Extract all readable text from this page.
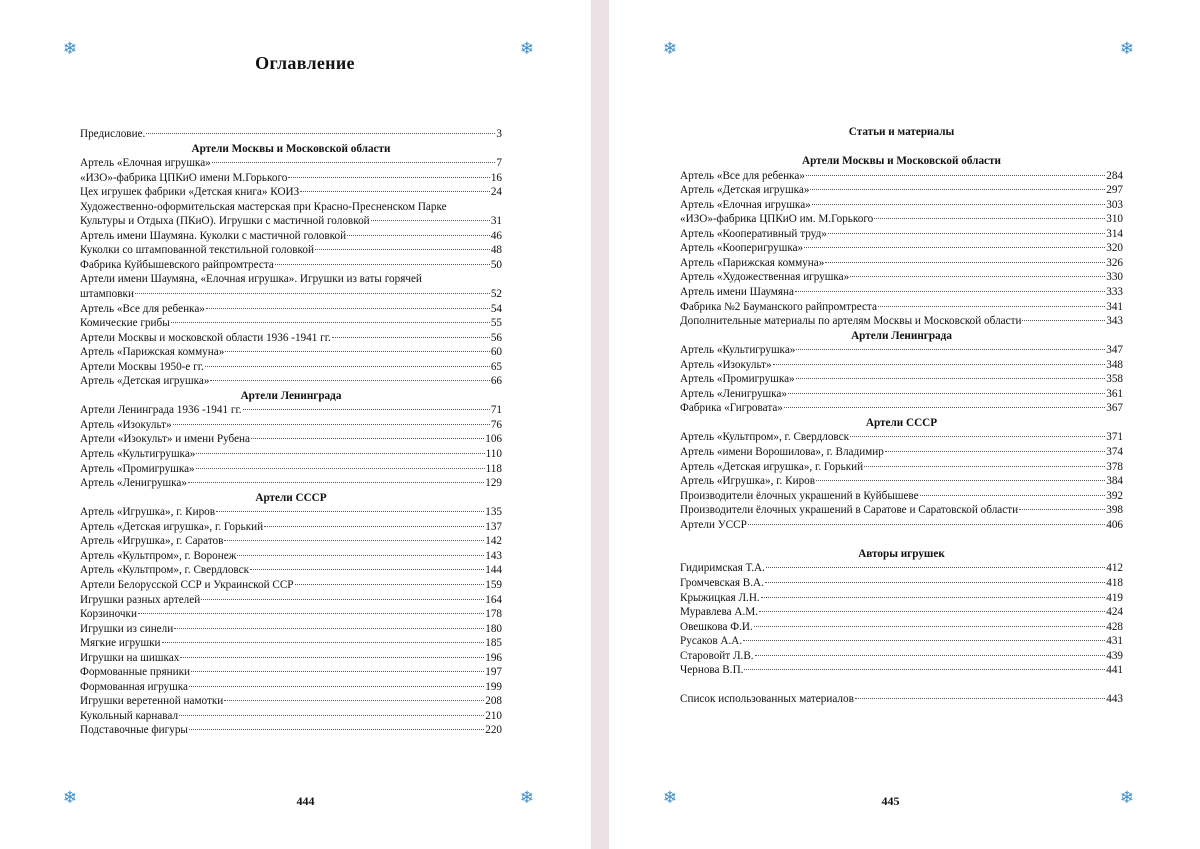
❄	❄
❄	❄
Оглавление
Предисловие.	3
Артели Москвы и Московской области
Артель «Елочная игрушка»	7
«ИЗО»-фабрика ЦПКиО имени М.Горького	16
Цех игрушек фабрики «Детская книга» КОИЗ	24
Художественно-оформительская мастерская при Красно-Пресненском Парке
Культуры и Отдыха (ПКиО). Игрушки с мастичной головкой	31
Артель имени Шаумяна. Куколки с мастичной головкой	46
Куколки со штампованной текстильной головкой	48
Фабрика Куйбышевского райпромтреста	50
Артели имени Шаумяна, «Елочная игрушка». Игрушки из ваты горячей
штамповки	52
Артель «Все для ребенка»	54
Комические грибы	55
Артели Москвы и московской области 1936 -1941 гг.	56
Артель «Парижская коммуна»	60
Артели Москвы 1950-е гг.	65
Артель «Детская игрушка»	66
Артели Ленинграда
Артели Ленинграда 1936 -1941 гг.	71
Артель «Изокульт»	76
Артели «Изокульт» и имени Рубена	106
Артель «Культигрушка»	110
Артель «Промигрушка»	118
Артель «Ленигрушка»	129
Артели СССР
Артель «Игрушка», г. Киров	135
Артель «Детская игрушка», г. Горький	137
Артель «Игрушка», г. Саратов	142
Артель «Культпром», г. Воронеж	143
Артель «Культпром», г. Свердловск	144
Артели Белорусской ССР и Украинской ССР	159
Игрушки разных артелей	164
Корзиночки	178
Игрушки из синели	180
Мягкие игрушки	185
Игрушки на шишках	196
Формованные пряники	197
Формованная игрушка	199
Игрушки веретенной намотки	208
Кукольный карнавал	210
Подставочные фигуры	220
444
❄	❄
❄	❄
Статьи и материалы
Артели Москвы и Московской области
Артель «Все для ребенка»	284
Артель «Детская игрушка»	297
Артель «Елочная игрушка»	303
«ИЗО»-фабрика ЦПКиО им. М.Горького	310
Артель «Кооперативный труд»	314
Артель «Кооперигрушка»	320
Артель «Парижская коммуна»	326
Артель «Художественная игрушка»	330
Артель имени Шаумяна	333
Фабрика №2 Бауманского райпромтреста	341
Дополнительные материалы по артелям Москвы и Московской области	343
Артели Ленинграда
Артель «Культигрушка»	347
Артель «Изокульт»	348
Артель «Промигрушка»	358
Артель «Ленигрушка»	361
Фабрика «Гигровата»	367
Артели СССР
Артель «Культпром», г. Свердловск	371
Артель «имени Ворошилова», г. Владимир	374
Артель «Детская игрушка», г. Горький	378
Артель «Игрушка», г. Киров	384
Производители ёлочных украшений в Куйбышеве	392
Производители ёлочных украшений в Саратове и Саратовской области	398
Артели УССР	406
Авторы игрушек
Гидиримская Т.А.	412
Громчевская В.А.	418
Крыжицкая Л.Н.	419
Муравлева А.М.	424
Овешкова Ф.И.	428
Русаков А.А.	431
Старовойт Л.В.	439
Чернова В.П.	441
Список использованных материалов	443
445
